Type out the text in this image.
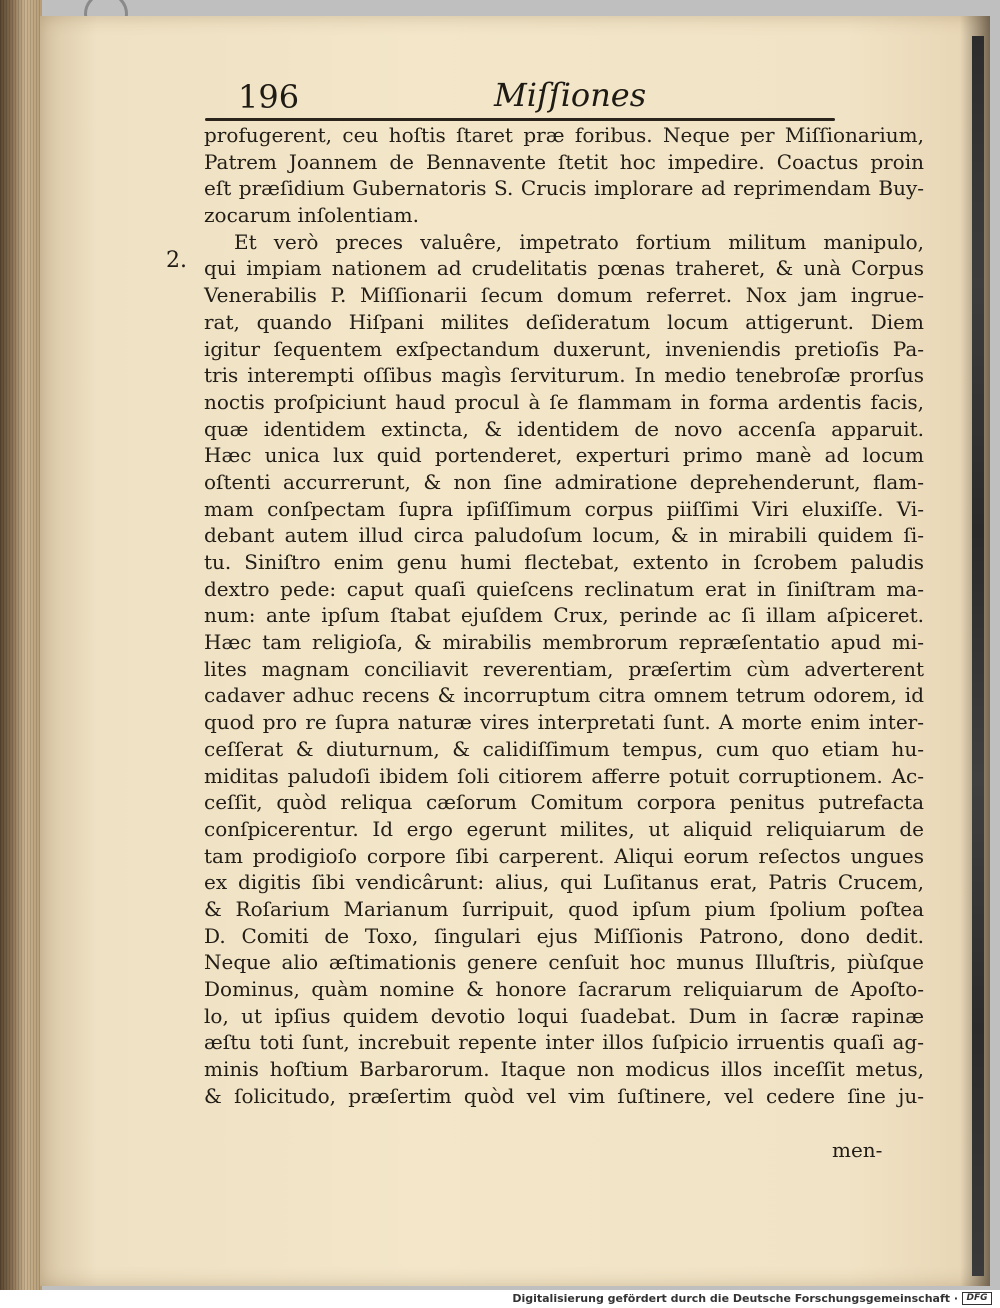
196	Miſſiones
2.
profugerent, ceu hoſtis ſtaret præ foribus. Neque per Miſſionarium,
Patrem Joannem de Bennavente ſtetit hoc impedire. Coactus proin
eſt præſidium Gubernatoris S. Crucis implorare ad reprimendam Buy-
zocarum inſolentiam.
Et verò preces valuêre, impetrato fortium militum manipulo,
qui impiam nationem ad crudelitatis pœnas traheret, & unà Corpus
Venerabilis P. Miſſionarii ſecum domum referret. Nox jam ingrue-
rat, quando Hiſpani milites deſideratum locum attigerunt. Diem
igitur ſequentem exſpectandum duxerunt, inveniendis pretioſis Pa-
tris interempti oſſibus magìs ſerviturum. In medio tenebroſæ prorſus
noctis proſpiciunt haud procul à ſe flammam in forma ardentis facis,
quæ identidem extincta, & identidem de novo accenſa apparuit.
Hæc unica lux quid portenderet, experturi primo manè ad locum
oſtenti accurrerunt, & non ſine admiratione deprehenderunt, flam-
mam conſpectam ſupra ipſiſſimum corpus piiſſimi Viri eluxiſſe. Vi-
debant autem illud circa paludoſum locum, & in mirabili quidem ſi-
tu. Siniſtro enim genu humi flectebat, extento in ſcrobem paludis
dextro pede: caput quaſi quieſcens reclinatum erat in ſiniſtram ma-
num: ante ipſum ſtabat ejuſdem Crux, perinde ac ſi illam aſpiceret.
Hæc tam religioſa, & mirabilis membrorum repræſentatio apud mi-
lites magnam conciliavit reverentiam, præſertim cùm adverterent
cadaver adhuc recens & incorruptum citra omnem tetrum odorem, id
quod pro re ſupra naturæ vires interpretati ſunt. A morte enim inter-
ceſſerat & diuturnum, & calidiſſimum tempus, cum quo etiam hu-
miditas paludoſi ibidem ſoli citiorem afferre potuit corruptionem. Ac-
ceſſit, quòd reliqua cæſorum Comitum corpora penitus putrefacta
conſpicerentur. Id ergo egerunt milites, ut aliquid reliquiarum de
tam prodigioſo corpore ſibi carperent. Aliqui eorum reſectos ungues
ex digitis ſibi vendicârunt: alius, qui Luſitanus erat, Patris Crucem,
& Roſarium Marianum ſurripuit, quod ipſum pium ſpolium poſtea
D. Comiti de Toxo, ſingulari ejus Miſſionis Patrono, dono dedit.
Neque alio æſtimationis genere cenſuit hoc munus Illuſtris, piùſque
Dominus, quàm nomine & honore ſacrarum reliquiarum de Apoſto-
lo, ut ipſius quidem devotio loqui ſuadebat. Dum in ſacræ rapinæ
æſtu toti ſunt, increbuit repente inter illos ſuſpicio irruentis quaſi ag-
minis hoſtium Barbarorum. Itaque non modicus illos inceſſit metus,
& ſolicitudo, præſertim quòd vel vim ſuſtinere, vel cedere ſine ju-
men-
Digitalisierung gefördert durch die Deutsche Forschungsgemeinschaft · DFG
